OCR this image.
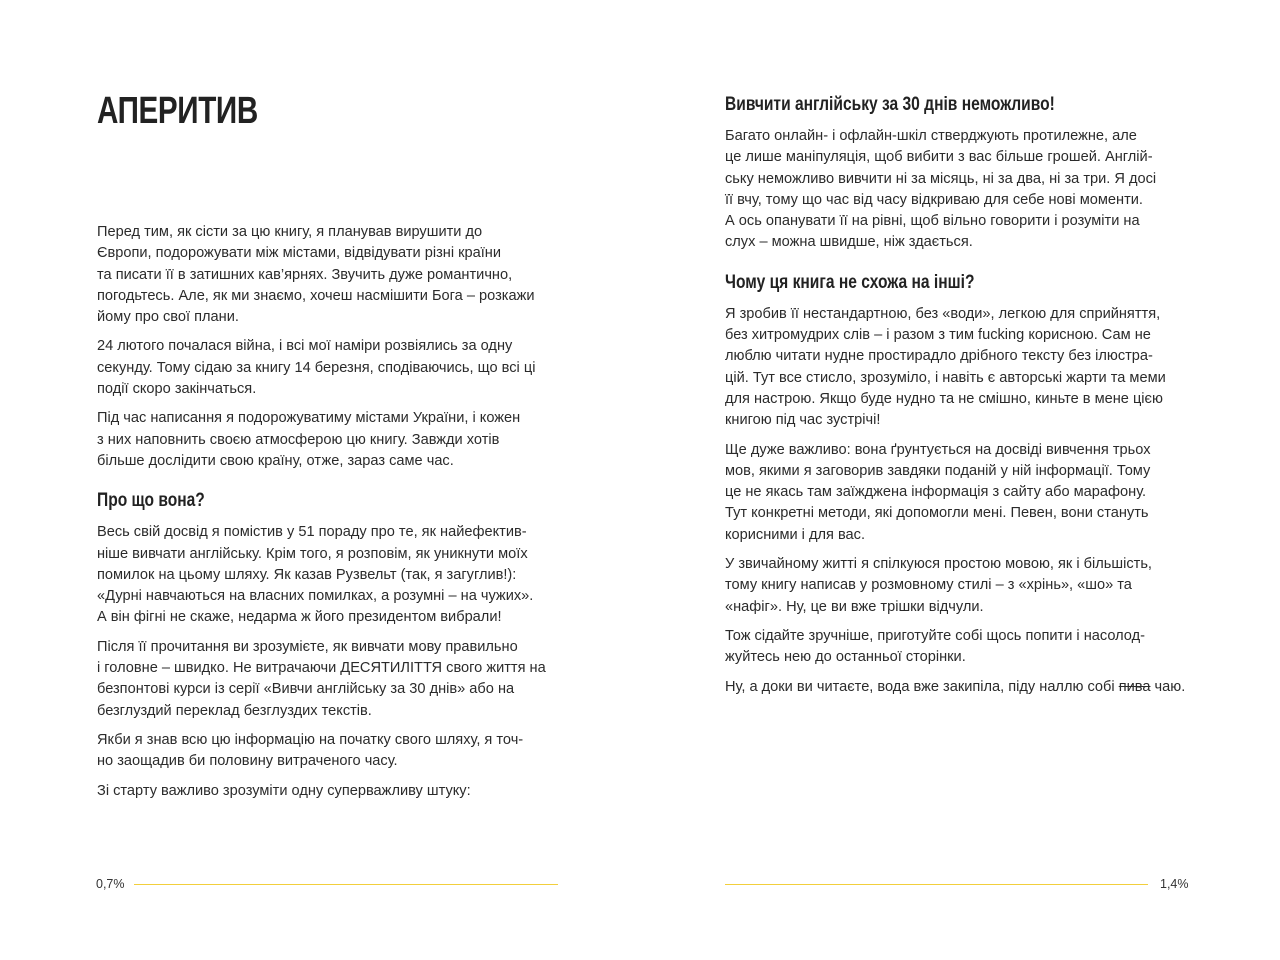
АПЕРИТИВ

Перед тим, як сісти за цю книгу, я планував вирушити до
Європи, подорожувати між містами, відвідувати різні країни
та писати її в затишних кав’ярнях. Звучить дуже романтично,
погодьтесь. Але, як ми знаємо, хочеш насмішити Бога – розкажи
йому про свої плани.

24 лютого почалася війна, і всі мої наміри розвіялись за одну
секунду. Тому сідаю за книгу 14 березня, сподіваючись, що всі ці
події скоро закінчаться.

Під час написання я подорожуватиму містами України, і кожен
з них наповнить своєю атмосферою цю книгу. Завжди хотів
більше дослідити свою країну, отже, зараз саме час.

Про що вона?

Весь свій досвід я помістив у 51 пораду про те, як найефектив-
ніше вивчати англійську. Крім того, я розповім, як уникнути моїх
помилок на цьому шляху. Як казав Рузвельт (так, я загуглив!):
«Дурні навчаються на власних помилках, а розумні – на чужих».
А він фігні не скаже, недарма ж його президентом вибрали!

Після її прочитання ви зрозумієте, як вивчати мову правильно
і головне – швидко. Не витрачаючи ДЕСЯТИЛІТТЯ свого життя на
безпонтові курси із серії «Вивчи англійську за 30 днів» або на
безглуздий переклад безглуздих текстів.

Якби я знав всю цю інформацію на початку свого шляху, я точ-
но заощадив би половину витраченого часу.

Зі старту важливо зрозуміти одну суперважливу штуку:

0,7%
Вивчити англійську за 30 днів неможливо!

Багато онлайн- і офлайн-шкіл стверджують протилежне, але
це лише маніпуляція, щоб вибити з вас більше грошей. Англій-
ську неможливо вивчити ні за місяць, ні за два, ні за три. Я досі
її вчу, тому що час від часу відкриваю для себе нові моменти.
А ось опанувати її на рівні, щоб вільно говорити і розуміти на
слух – можна швидше, ніж здається.

Чому ця книга не схожа на інші?

Я зробив її нестандартною, без «води», легкою для сприйняття,
без хитромудрих слів – і разом з тим fucking корисною. Сам не
люблю читати нудне простирадло дрібного тексту без ілюстра-
цій. Тут все стисло, зрозуміло, і навіть є авторські жарти та меми
для настрою. Якщо буде нудно та не смішно, киньте в мене цією
книгою під час зустрічі!

Ще дуже важливо: вона ґрунтується на досвіді вивчення трьох
мов, якими я заговорив завдяки поданій у ній інформації. Тому
це не якась там заїжджена інформація з сайту або марафону.
Тут конкретні методи, які допомогли мені. Певен, вони стануть
корисними і для вас.

У звичайному житті я спілкуюся простою мовою, як і більшість,
тому книгу написав у розмовному стилі – з «хрінь», «шо» та
«нафіг». Ну, це ви вже трішки відчули.

Тож сідайте зручніше, приготуйте собі щось попити і насолод-
жуйтесь нею до останньої сторінки.

Ну, а доки ви читаєте, вода вже закипіла, піду наллю собі пива чаю.

1,4%
